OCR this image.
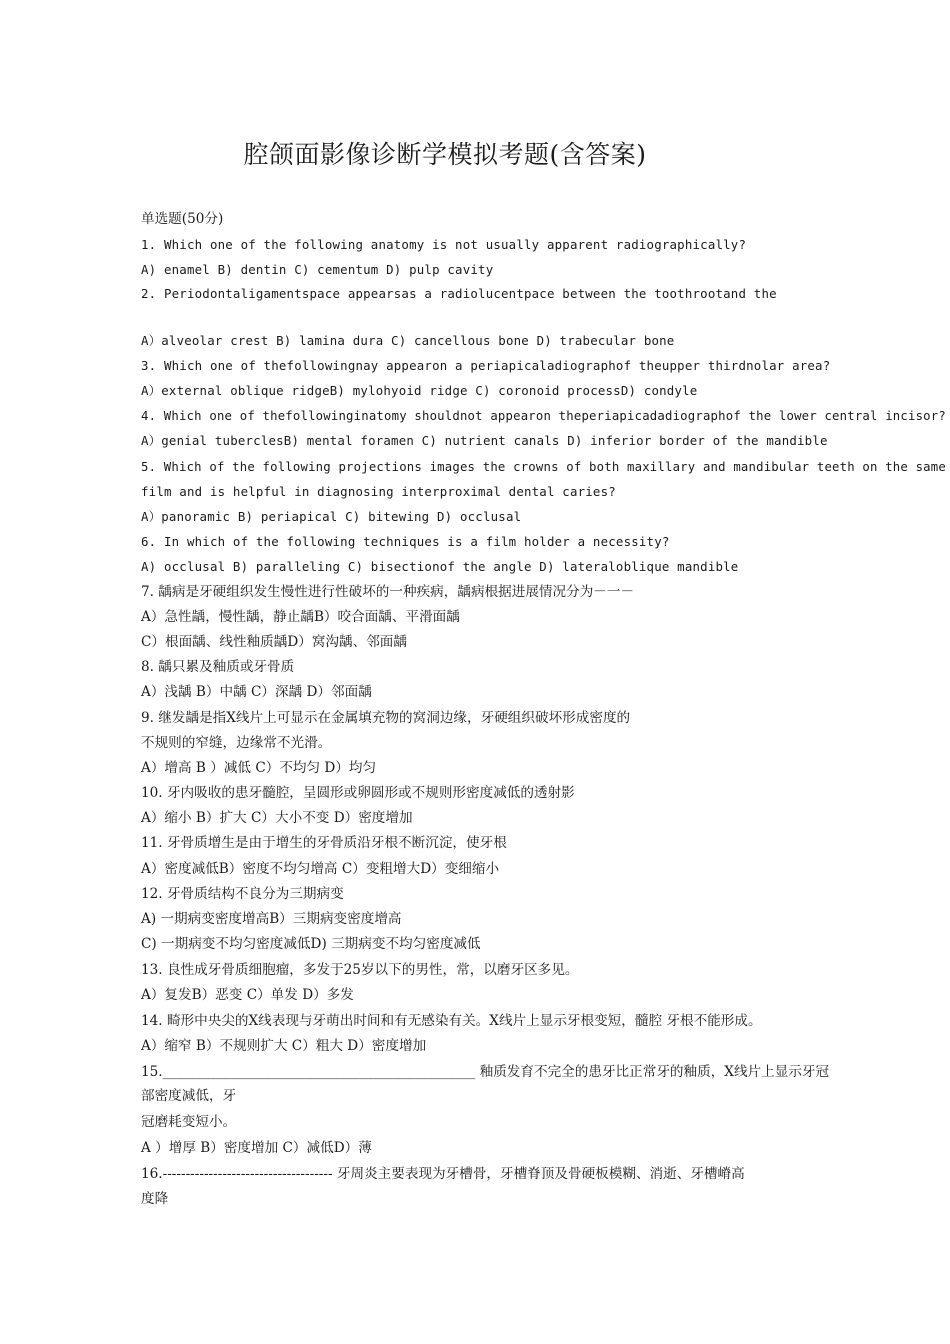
腔颌面影像诊断学模拟考题(含答案)
单选题(50分)
1. Which one of the following anatomy is not usually apparent radiographically?
A) enamel B) dentin C) cementum D) pulp cavity
2. Periodontaligamentspace appearsas a radiolucentpace between the toothrootand the
A）alveolar crest B) lamina dura C) cancellous bone D) trabecular bone
3. Which one of thefollowingnay appearon a periapicaladiographof theupper thirdnolar area?
A）external oblique ridgeB) mylohyoid ridge C) coronoid processD) condyle
4. Which one of thefollowinginatomy shouldnot appearon theperiapicadadiographof the lower central incisor?
A）genial tuberclesB) mental foramen C) nutrient canals D) inferior border of the mandible
5. Which of the following projections images the crowns of both maxillary and mandibular teeth on the same
film and is helpful in diagnosing interproximal dental caries?
A）panoramic B) periapical C) bitewing D) occlusal
6. In which of the following techniques is a film holder a necessity?
A) occlusal B) paralleling C) bisectionof the angle D) lateraloblique mandible
7. 龋病是牙硬组织发生慢性进行性破坏的一种疾病，龋病根据进展情况分为－一－
A）急性龋，慢性龋，静止龋B）咬合面龋、平滑面龋
C）根面龋、线性釉质龋D）窝沟龋、邻面龋
8. 龋只累及釉质或牙骨质
A）浅龋 B）中龋 C）深龋 D）邻面龋
9. 继发龋是指X线片上可显示在金属填充物的窝洞边缘，牙硬组织破坏形成密度的
不规则的窄缝，边缘常不光滑。
A）增高 B ）减低 C）不均匀 D）均匀
10. 牙内吸收的患牙髓腔，呈圆形或卵圆形或不规则形密度减低的透射影
A）缩小 B）扩大 C）大小不变 D）密度增加
11. 牙骨质增生是由于增生的牙骨质沿牙根不断沉淀，使牙根
A）密度减低B）密度不均匀增高 C）变粗增大D）变细缩小
12. 牙骨质结构不良分为三期病变
A) 一期病变密度增高B）三期病变密度增高
C) 一期病变不均匀密度减低D) 三期病变不均匀密度减低
13. 良性成牙骨质细胞瘤，多发于25岁以下的男性，常，以磨牙区多见。
A）复发B）恶变 C）单发 D）多发
14. 畸形中央尖的X线表现与牙萌出时间和有无感染有关。X线片上显示牙根变短，髓腔 牙根不能形成。
A）缩窄 B）不规则扩大 C）粗大 D）密度增加
15.______________________________________________ 釉质发育不完全的患牙比正常牙的釉质，X线片上显示牙冠
部密度减低，牙
冠磨耗变短小。
A ）增厚 B）密度增加 C）减低D）薄
16.------------------------------------- 牙周炎主要表现为牙槽骨，牙槽脊顶及骨硬板模糊、消逝、牙槽嵴高
度降
